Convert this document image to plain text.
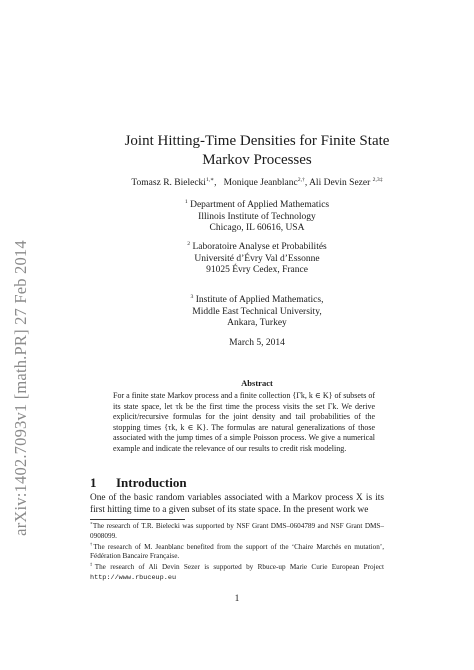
arXiv:1402.7093v1 [math.PR] 27 Feb 2014
Joint Hitting-Time Densities for Finite State
Markov Processes
Tomasz R. Bielecki$^{1,∗}$,   Monique Jeanblanc$^{2,\dagger}$, Ali Devin Sezer $^{2,3\ddagger}$
$^1$ Department of Applied Mathematics
Illinois Institute of Technology
Chicago, IL 60616, USA
$^2$ Laboratoire Analyse et Probabilités
Université d’Évry Val d’Essonne
91025 Évry Cedex, France
$^3$ Institute of Applied Mathematics,
Middle East Technical University,
Ankara, Turkey
March 5, 2014
Abstract
For a finite state Markov process and a finite collection {Γk, k ∈ K} of subsets of its state space, let τk be the first time the process visits the set Γk. We derive explicit/recursive formulas for the joint density and tail probabilities of the stopping times {τk, k ∈ K}. The formulas are natural generalizations of those associated with the jump times of a simple Poisson process. We give a numerical example and indicate the relevance of our results to credit risk modeling.
1 Introduction
One of the basic random variables associated with a Markov process X is its first hitting time to a given subset of its state space. In the present work we

∗The research of T.R. Bielecki was supported by NSF Grant DMS–0604789 and NSF Grant DMS–0908099.

†The research of M. Jeanblanc benefited from the support of the ‘Chaire Marchés en mutation’, Fédération Bancaire Française.

‡The research of Ali Devin Sezer is supported by Rbuce-up Marie Curie European Project http://www.rbuceup.eu

1
